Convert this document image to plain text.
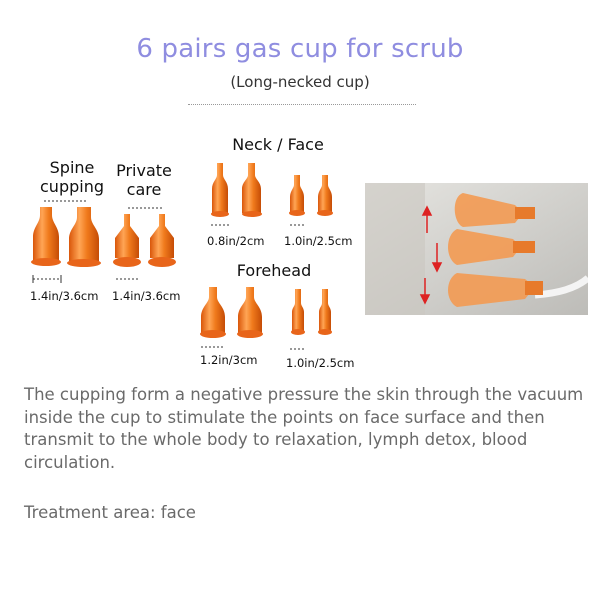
6 pairs gas cup for scrub
(Long-necked cup)
Spine
cupping
Private
care
Neck / Face
Forehead
1.4in/3.6cm 1.4in/3.6cm
0.8in/2cm 1.0in/2.5cm
1.2in/3cm 1.0in/2.5cm
The cupping form a negative pressure the skin through the vacuum inside the cup to stimulate the points on face surface and then transmit to the whole body to relaxation, lymph detox, blood circulation.
Treatment area: face
